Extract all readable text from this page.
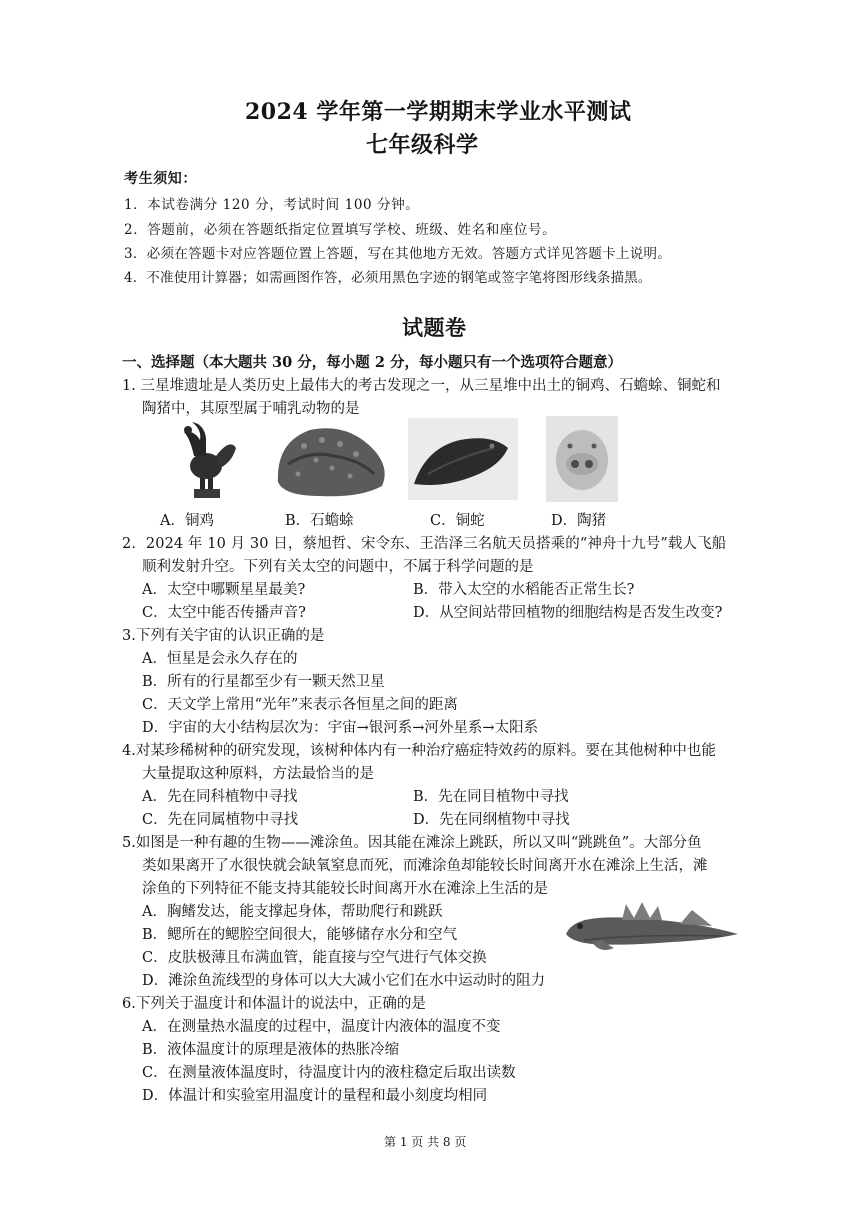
2024 学年第一学期期末学业水平测试
七年级科学
考生须知：
1．本试卷满分 120 分，考试时间 100 分钟。
2．答题前，必须在答题纸指定位置填写学校、班级、姓名和座位号。
3．必须在答题卡对应答题位置上答题，写在其他地方无效。答题方式详见答题卡上说明。
4．不准使用计算器；如需画图作答，必须用黑色字迹的钢笔或签字笔将图形线条描黑。
试题卷
一、选择题（本大题共 30 分，每小题 2 分，每小题只有一个选项符合题意）
1. 三星堆遗址是人类历史上最伟大的考古发现之一，从三星堆中出土的铜鸡、石蟾蜍、铜蛇和
陶猪中，其原型属于哺乳动物的是
A．铜鸡	B．石蟾蜍	C．铜蛇	D．陶猪
2．2024 年 10 月 30 日，蔡旭哲、宋令东、王浩泽三名航天员搭乘的“神舟十九号”载人飞船
顺利发射升空。下列有关太空的问题中，不属于科学问题的是
A．太空中哪颗星星最美?	B．带入太空的水稻能否正常生长?
C．太空中能否传播声音?	D．从空间站带回植物的细胞结构是否发生改变?
3.下列有关宇宙的认识正确的是
A．恒星是会永久存在的
B．所有的行星都至少有一颗天然卫星
C．天文学上常用“光年”来表示各恒星之间的距离
D．宇宙的大小结构层次为：宇宙→银河系→河外星系→太阳系
4.对某珍稀树种的研究发现，该树种体内有一种治疗癌症特效药的原料。要在其他树种中也能
大量提取这种原料，方法最恰当的是
A．先在同科植物中寻找	B．先在同目植物中寻找
C．先在同属植物中寻找	D．先在同纲植物中寻找
5.如图是一种有趣的生物——滩涂鱼。因其能在滩涂上跳跃，所以又叫“跳跳鱼”。大部分鱼
类如果离开了水很快就会缺氧窒息而死，而滩涂鱼却能较长时间离开水在滩涂上生活，滩
涂鱼的下列特征不能支持其能较长时间离开水在滩涂上生活的是
A．胸鳍发达，能支撑起身体，帮助爬行和跳跃
B．鳃所在的鳃腔空间很大，能够储存水分和空气
C．皮肤极薄且布满血管，能直接与空气进行气体交换
D．滩涂鱼流线型的身体可以大大减小它们在水中运动时的阻力
6.下列关于温度计和体温计的说法中，正确的是
A．在测量热水温度的过程中，温度计内液体的温度不变
B．液体温度计的原理是液体的热胀冷缩
C．在测量液体温度时，待温度计内的液柱稳定后取出读数
D．体温计和实验室用温度计的量程和最小刻度均相同
第 1 页 共 8 页
